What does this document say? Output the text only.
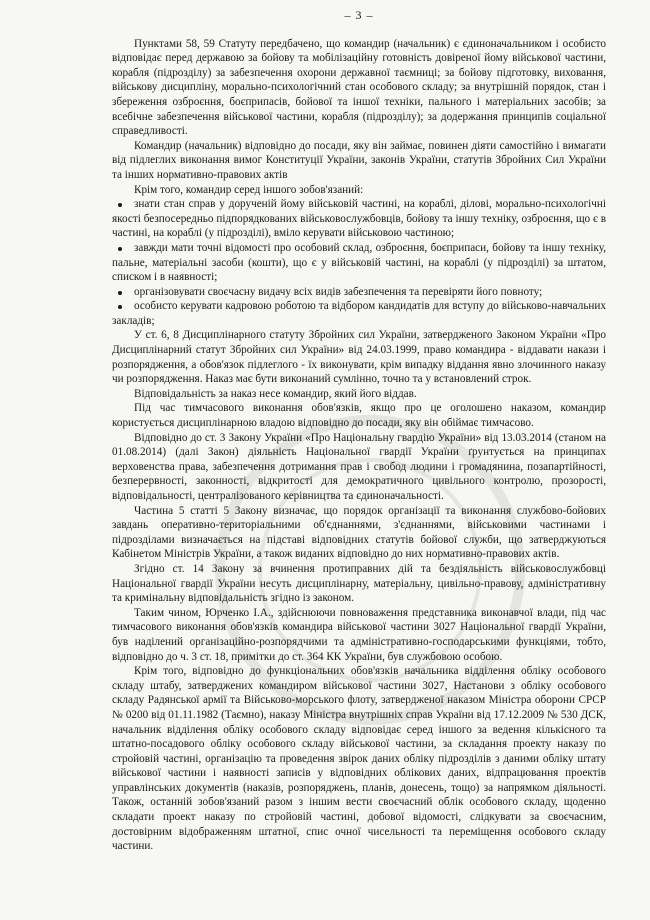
– 3 –

Пунктами 58, 59 Статуту передбачено, що командир (начальник) є єдиноначальником і особисто відповідає перед державою за бойову та мобілізаційну готовність довіреної йому військової частини, корабля (підрозділу) за забезпечення охорони державної таємниці; за бойову підготовку, виховання, військову дисципліну, морально-психологічний стан особового складу; за внутрішній порядок, стан і збереження озброєння, боєприпасів, бойової та іншої техніки, пального і матеріальних засобів; за всебічне забезпечення військової частини, корабля (підрозділу); за додержання принципів соціальної справедливості.

Командир (начальник) відповідно до посади, яку він займає, повинен діяти самостійно і вимагати від підлеглих виконання вимог Конституції України, законів України, статутів Збройних Сил України та інших нормативно-правових актів

Крім того, командир серед іншого зобов'язаний:

знати стан справ у дорученій йому військовій частині, на кораблі, ділові, морально-психологічні якості безпосередньо підпорядкованих військовослужбовців, бойову та іншу техніку, озброєння, що є в частині, на кораблі (у підрозділі), вміло керувати військовою частиною;
завжди мати точні відомості про особовий склад, озброєння, боєприпаси, бойову та іншу техніку, пальне, матеріальні засоби (кошти), що є у військовій частині, на кораблі (у підрозділі) за штатом, списком і в наявності;
організовувати своєчасну видачу всіх видів забезпечення та перевіряти його повноту;
особисто керувати кадровою роботою та відбором кандидатів для вступу до військово-навчальних закладів;

У ст. 6, 8 Дисциплінарного статуту Збройних сил України, затвердженого Законом України «Про Дисциплінарний статут Збройних сил України» від 24.03.1999, право командира - віддавати накази і розпорядження, а обов'язок підлеглого - їх виконувати, крім випадку віддання явно злочинного наказу чи розпорядження. Наказ має бути виконаний сумлінно, точно та у встановлений строк.

Відповідальність за наказ несе командир, який його віддав.

Під час тимчасового виконання обов'язків, якщо про це оголошено наказом, командир користується дисциплінарною владою відповідно до посади, яку він обіймає тимчасово.

Відповідно до ст. 3 Закону України «Про Національну гвардію України» від 13.03.2014 (станом на 01.08.2014) (далі Закон) діяльність Національної гвардії України ґрунтується на принципах верховенства права, забезпечення дотримання прав і свобод людини і громадянина, позапартійності, безперервності, законності, відкритості для демократичного цивільного контролю, прозорості, відповідальності, централізованого керівництва та єдиноначальності.

Частина 5 статті 5 Закону визначає, що порядок організації та виконання службово-бойових завдань оперативно-територіальними об'єднаннями, з'єднаннями, військовими частинами і підрозділами визначається на підставі відповідних статутів бойової служби, що затверджуються Кабінетом Міністрів України, а також виданих відповідно до них нормативно-правових актів.

Згідно ст. 14 Закону за вчинення протиправних дій та бездіяльність військовослужбовці Національної гвардії України несуть дисциплінарну, матеріальну, цивільно-правову, адміністративну та кримінальну відповідальність згідно із законом.

Таким чином, Юрченко І.А., здійснюючи повноваження представника виконавчої влади, під час тимчасового виконання обов'язків командира військової частини 3027 Національної гвардії України, був наділений організаційно-розпорядчими та адміністративно-господарськими функціями, тобто, відповідно до ч. 3 ст. 18, примітки до ст. 364 КК України, був службовою особою.

Крім того, відповідно до функціональних обов'язків начальника відділення обліку особового складу штабу, затверджених командиром військової частини 3027, Настанови з обліку особового складу Радянської армії та Військово-морського флоту, затвердженої наказом Міністра оборони СРСР № 0200 від 01.11.1982 (Таємно), наказу Міністра внутрішніх справ України від 17.12.2009 № 530 ДСК, начальник відділення обліку особового складу відповідає серед іншого за ведення кількісного та штатно-посадового обліку особового складу військової частини, за складання проекту наказу по стройовій частині, організацію та проведення звірок даних обліку підрозділів з даними обліку штату військової частини і наявності записів у відповідних облікових даних, відпрацювання проектів управлінських документів (наказів, розпоряджень, планів, донесень, тощо) за напрямком діяльності. Також, останній зобов'язаний разом з іншим вести своєчасний облік особового складу, щоденно складати проект наказу по стройовій частині, добової відомості, слідкувати за своєчасним, достовірним відображенням штатної, спис очної чисельності та переміщення особового складу частини.
